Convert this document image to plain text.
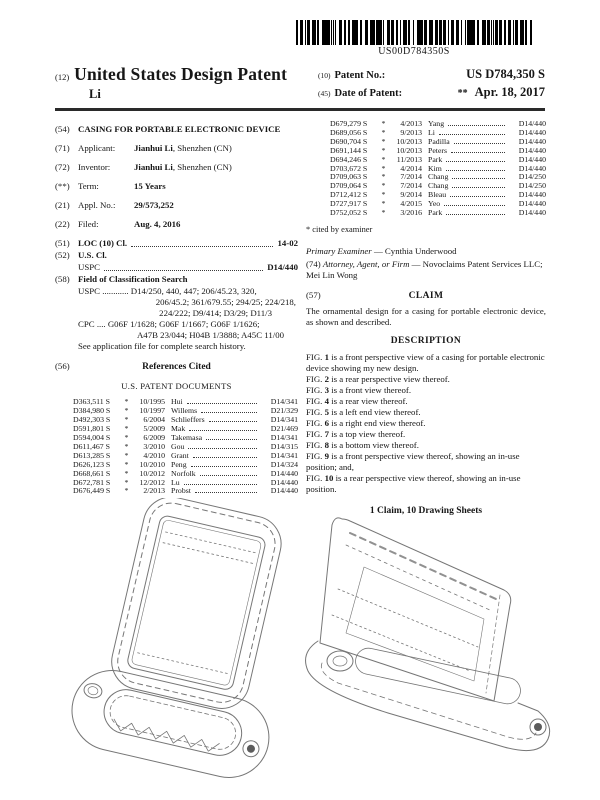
US00D784350S
(12) United States Design Patent
Li
(10) Patent No.:	US D784,350 S
(45) Date of Patent:	** Apr. 18, 2017
(54) CASING FOR PORTABLE ELECTRONIC DEVICE
(71) Applicant:	Jianhui Li, Shenzhen (CN)
(72) Inventor:	Jianhui Li, Shenzhen (CN)
(**) Term:	15 Years
(21) Appl. No.:	29/573,252
(22) Filed:	Aug. 4, 2016
(51) LOC (10) Cl.	14-02
(52) U.S. Cl.
USPC	D14/440
(58) Field of Classification Search
USPC ............ D14/250, 440, 447; 206/45.23, 320,
206/45.2; 361/679.55; 294/25; 224/218,
224/222; D9/414; D3/29; D11/3
CPC .... G06F 1/1628; G06F 1/1667; G06F 1/1626;
A47B 23/044; H04B 1/3888; A45C 11/00
See application file for complete search history.
(56)	References Cited
U.S. PATENT DOCUMENTS
D363,511 S	*	10/1995 Hui	D14/341
D384,980 S	*	10/1997 Willems	D21/329
D492,303 S	*	6/2004 Schlieffers	D14/341
D591,801 S	*	5/2009 Mak	D21/469
D594,004 S	*	6/2009 Takemasa	D14/341
D611,467 S	*	3/2010 Gou	D14/315
D613,285 S	*	4/2010 Grant	D14/341
D626,123 S	*	10/2010 Peng	D14/324
D668,661 S	*	10/2012 Norfolk	D14/440
D672,781 S	*	12/2012 Lu	D14/440
D676,449 S	*	2/2013 Probst	D14/440
D679,279 S	*	4/2013 Yang	D14/440
D689,056 S	*	9/2013 Li	D14/440
D690,704 S	*	10/2013 Padilla	D14/440
D691,144 S	*	10/2013 Peters	D14/440
D694,246 S	*	11/2013 Park	D14/440
D703,672 S	*	4/2014 Kim	D14/440
D709,063 S	*	7/2014 Chang	D14/250
D709,064 S	*	7/2014 Chang	D14/250
D712,412 S	*	9/2014 Bleau	D14/440
D727,917 S	*	4/2015 Yeo	D14/440
D752,052 S	*	3/2016 Park	D14/440
* cited by examiner
Primary Examiner — Cynthia Underwood
(74) Attorney, Agent, or Firm — Novoclaims Patent Services LLC; Mei Lin Wong
(57)	CLAIM
The ornamental design for a casing for portable electronic device, as shown and described.
DESCRIPTION

FIG. 1 is a front perspective view of a casing for portable electronic device showing my new design.

FIG. 2 is a rear perspective view thereof.

FIG. 3 is a front view thereof.

FIG. 4 is a rear view thereof.

FIG. 5 is a left end view thereof.

FIG. 6 is a right end view thereof.

FIG. 7 is a top view thereof.

FIG. 8 is a bottom view thereof.

FIG. 9 is a front perspective view thereof, showing an in-use position; and,

FIG. 10 is a rear perspective view thereof, showing an in-use position.

1 Claim, 10 Drawing Sheets
